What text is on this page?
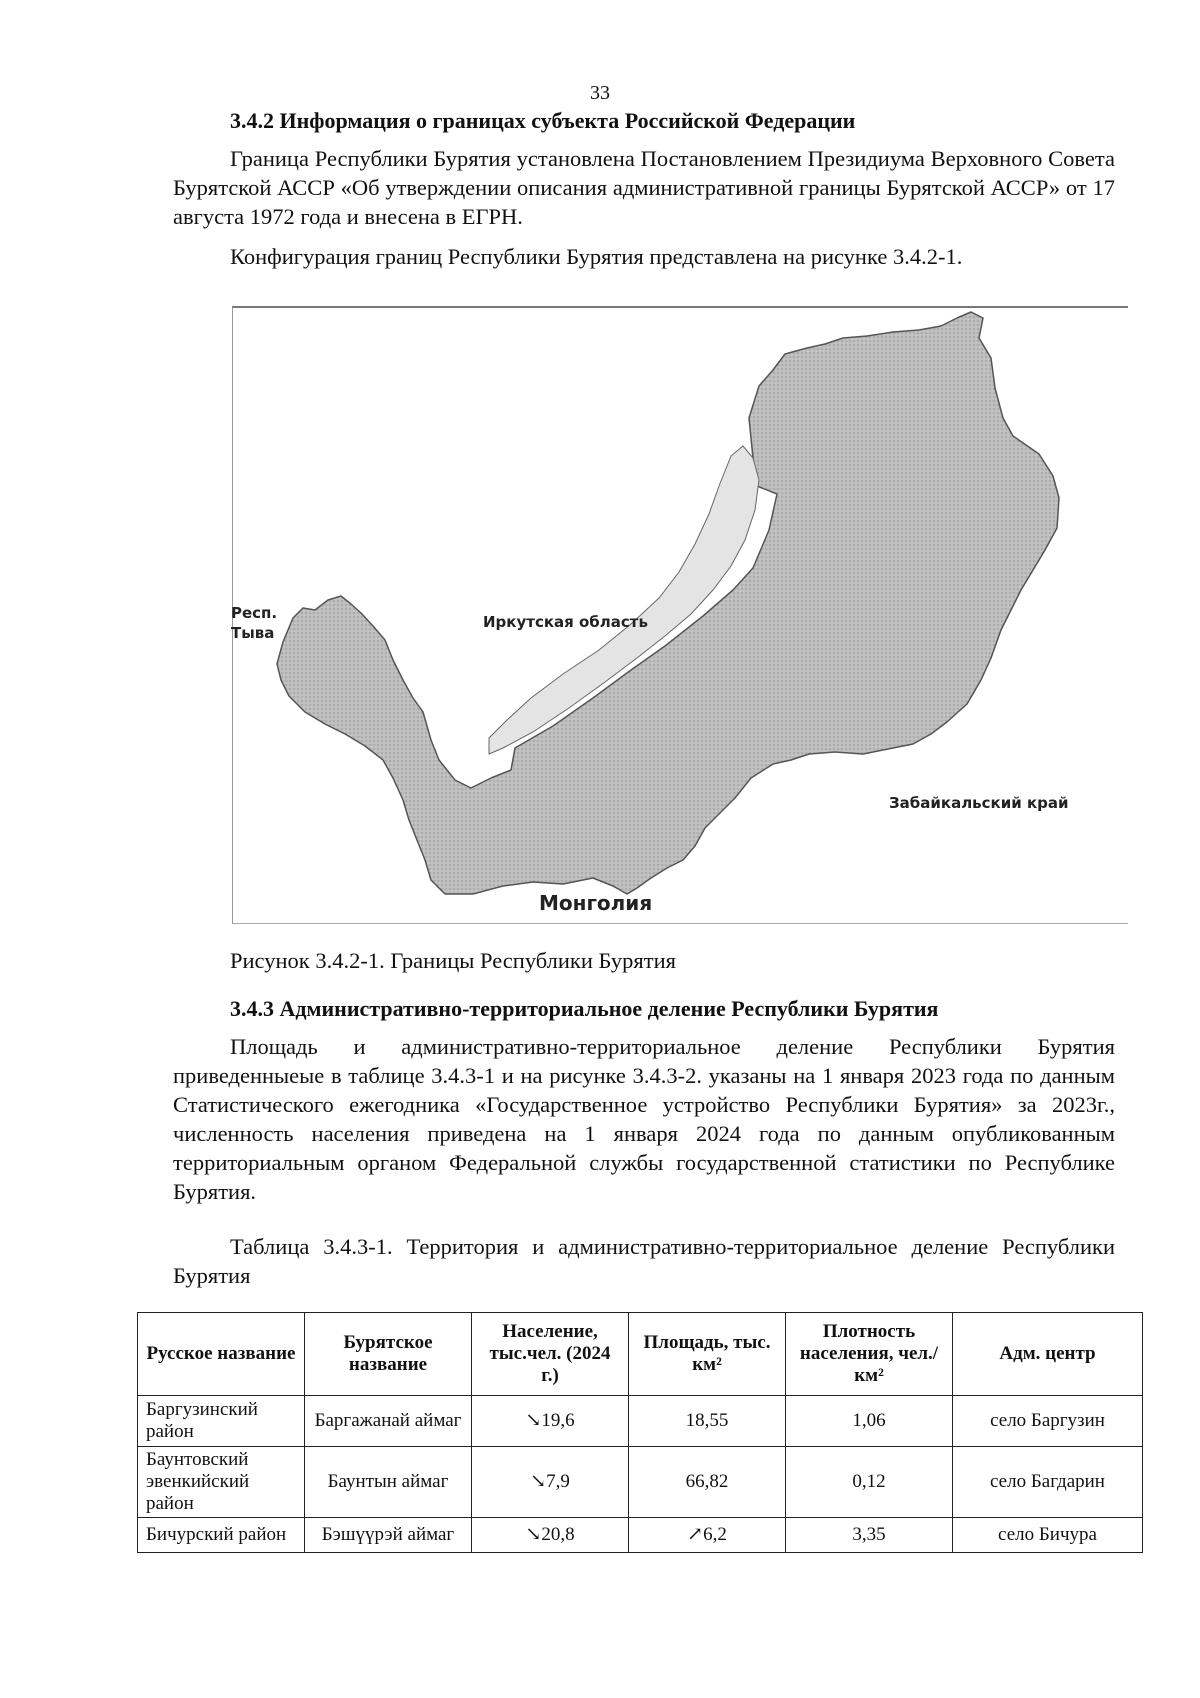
33
3.4.2 Информация о границах субъекта Российской Федерации

Граница Республики Бурятия установлена Постановлением Президиума Верховного Совета Бурятской АССР «Об утверждении описания административной границы Бурятской АССР» от 17 августа 1972 года и внесена в ЕГРН.

Конфигурация границ Республики Бурятия представлена на рисунке 3.4.2-1.
Респ.
Тыва
Иркутская область
Забайкальский край
Монголия
Рисунок 3.4.2-1. Границы Республики Бурятия
3.4.3 Административно-территориальное деление Республики Бурятия

Площадь и административно-территориальное деление Республики Бурятия приведенныеые в таблице 3.4.3-1 и на рисунке 3.4.3-2. указаны на 1 января 2023 года по данным Статистического ежегодника «Государственное устройство Республики Бурятия» за 2023г., численность населения приведена на 1 января 2024 года по данным опубликованным территориальным органом Федеральной службы государственной статистики по Республике Бурятия.

Таблица 3.4.3-1. Территория и административно-территориальное деление Республики Бурятия

Русское название	Бурятское название	Население, тыс.чел. (2024 г.)	Площадь, тыс. км²	Плотность населения, чел./км²	Адм. центр
Баргузинский район	Баргажанай аймаг	↘19,6	18,55	1,06	село Баргузин
Баунтовский эвенкийский район	Баунтын аймаг	↘7,9	66,82	0,12	село Багдарин
Бичурский район	Бэшүүрэй аймаг	↘20,8	↗6,2	3,35	село Бичура
